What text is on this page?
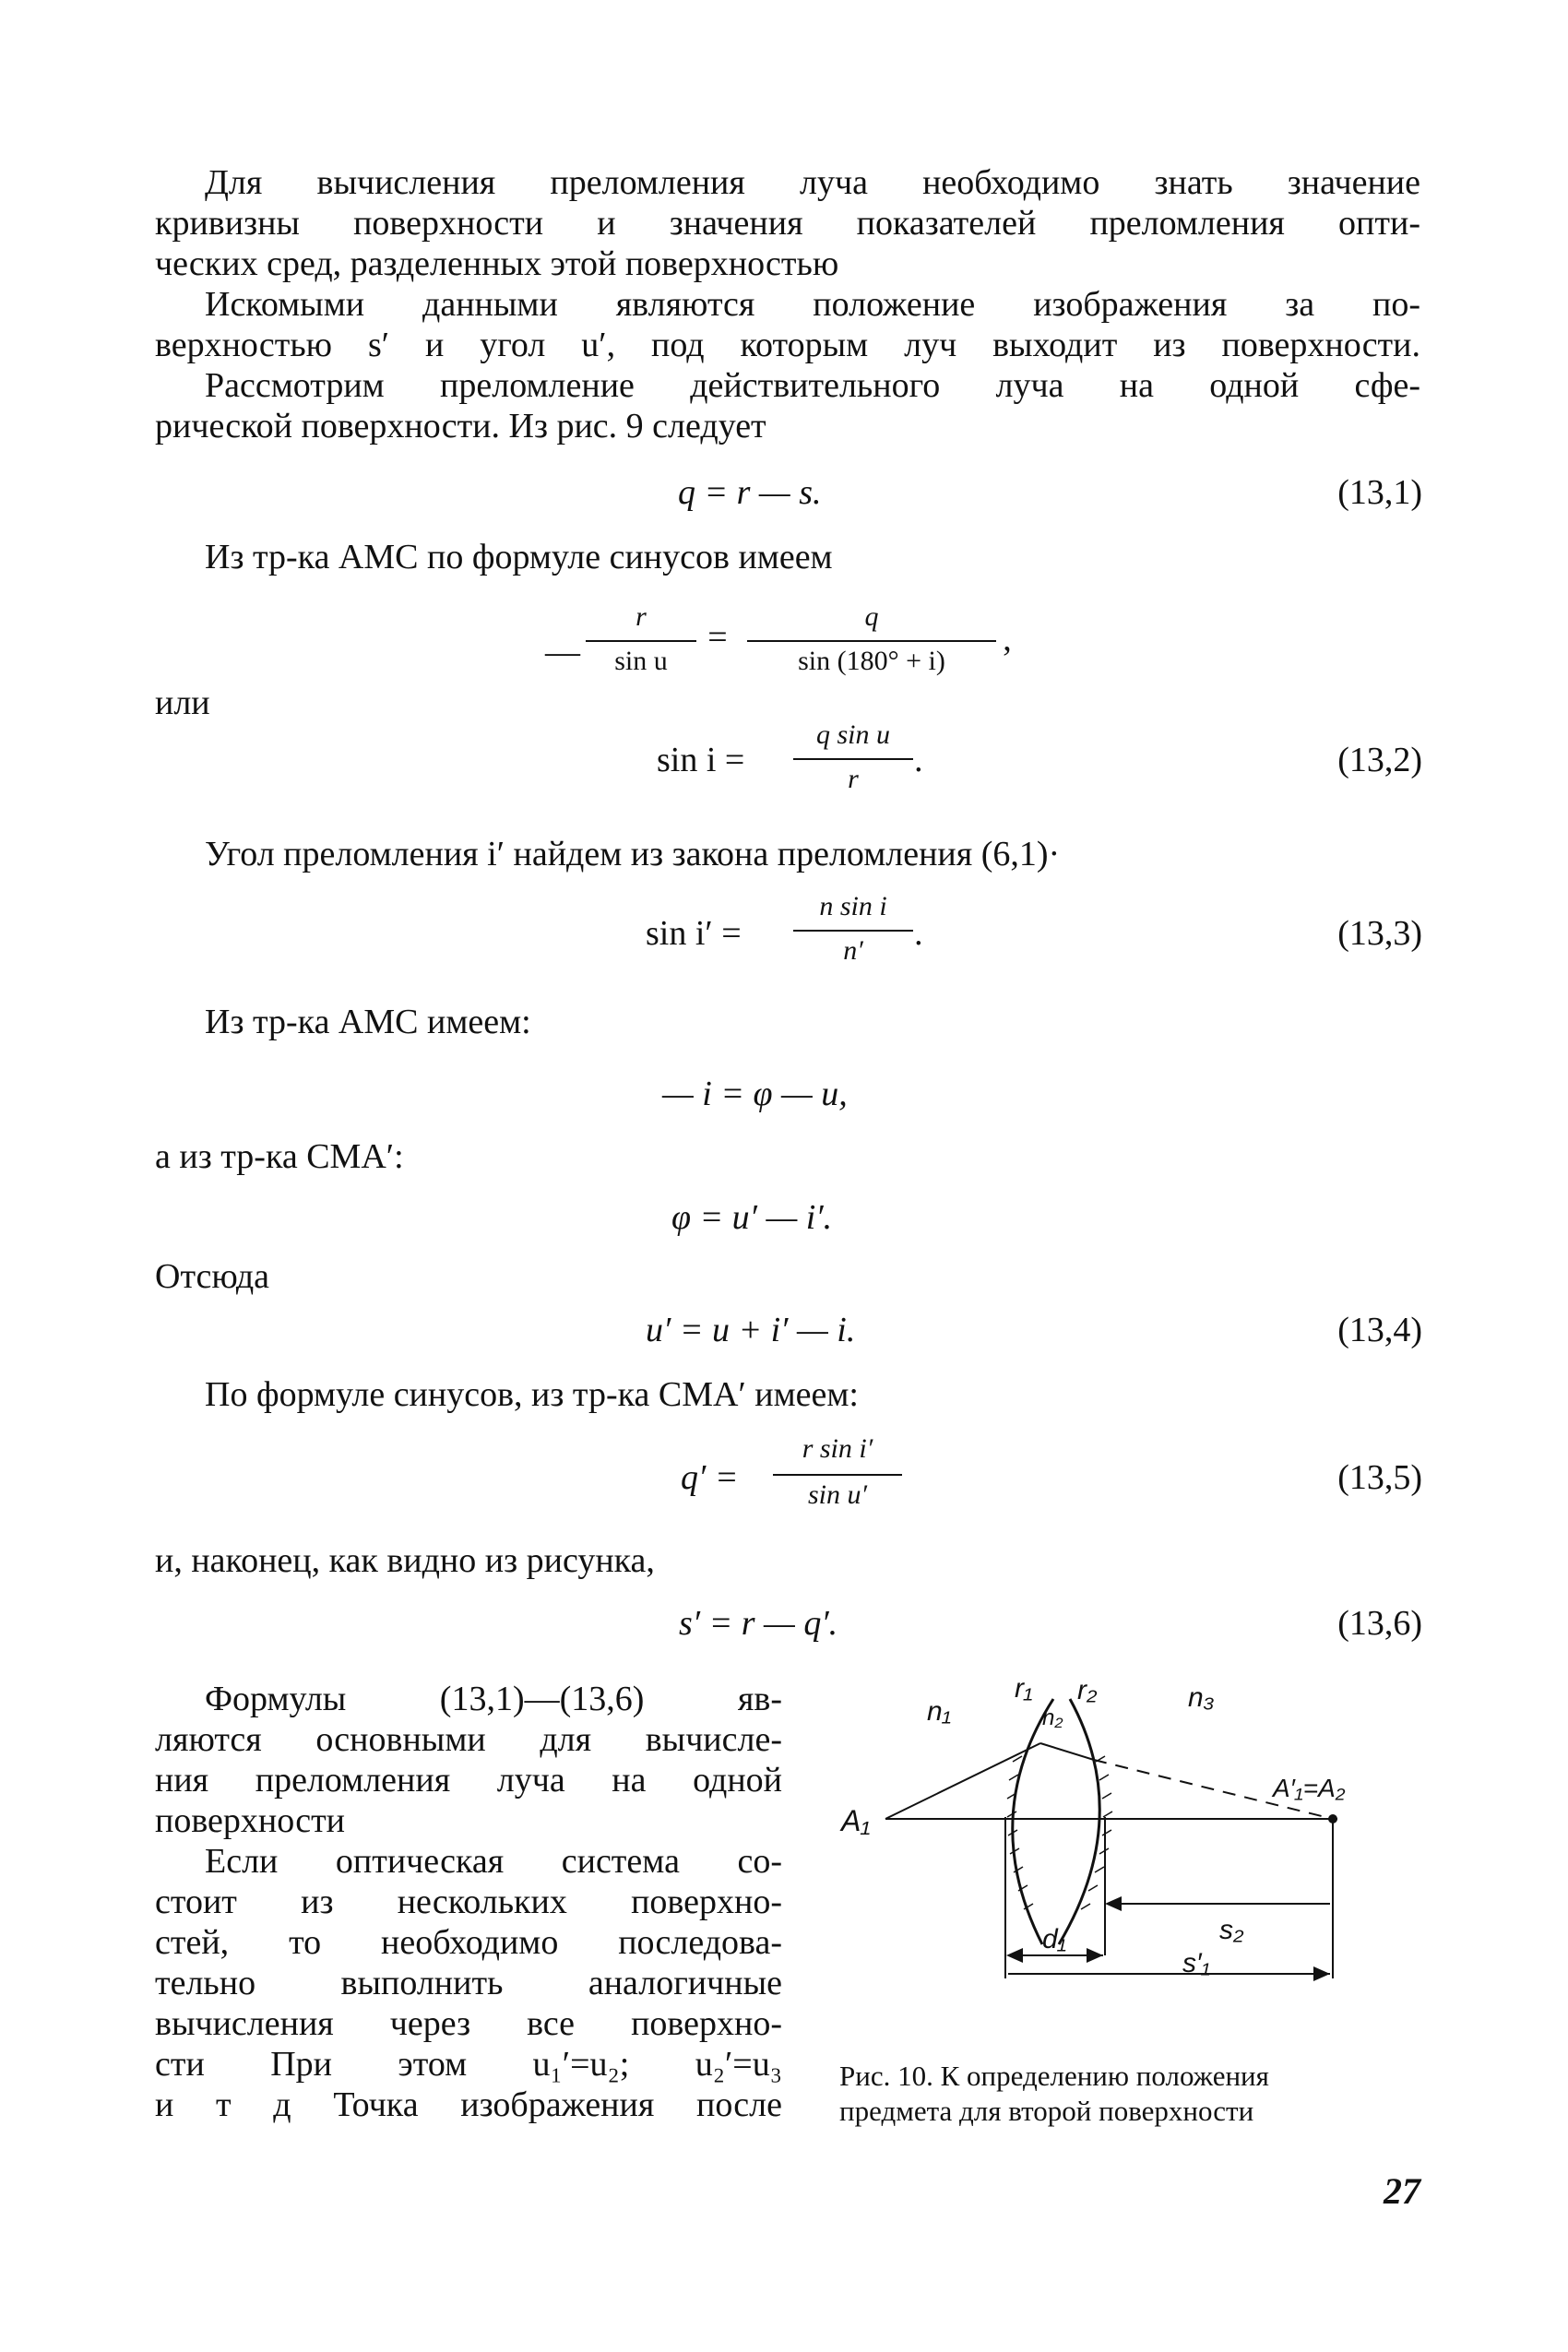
Для вычисления преломления луча необходимо знать значение
кривизны поверхности и значения показателей преломления опти-
ческих сред, разделенных этой поверхностью
Искомыми данными являются положение изображения за по-
верхностью s′ и угол u′, под которым луч выходит из поверхности.
Рассмотрим преломление действительного луча на одной сфе-
рической поверхности. Из рис. 9 следует
q = r — s.	(13,1)
Из тр-ка AMC по формуле синусов имеем
—
r
sin u
=
q
sin (180° + i)
,
или
sin i =
q sin u
r	.	(13,2)
Угол преломления i′ найдем из закона преломления (6,1)·
sin i′ =
n sin i
n′	.	(13,3)
Из тр-ка AMC имеем:
— i = φ — u,
а из тр-ка CMA′:
φ = u′ — i′.
Отсюда
u′ = u + i′ — i.	(13,4)
По формуле синусов, из тр-ка CMA′ имеем:
q′ =
r sin i′
sin u′	(13,5)
и, наконец, как видно из рисунка,
s′ = r — q′.	(13,6)
Формулы (13,1)—(13,6) яв-
ляются основными для вычисле-
ния преломления луча на одной
поверхности
Если оптическая система со-
стоит из нескольких поверхно-
стей, то необходимо последова-
тельно выполнить аналогичные
вычисления через все поверхно-
сти При этом u₁′=u₂; u₂′=u₃
и т д Точка изображения после
n₁
r₁ r₂
n₂
n₃
A₁
A′₁=A₂
s₂
d₁
s′₁
Рис. 10. К определению положения
предмета для второй поверхности
27
